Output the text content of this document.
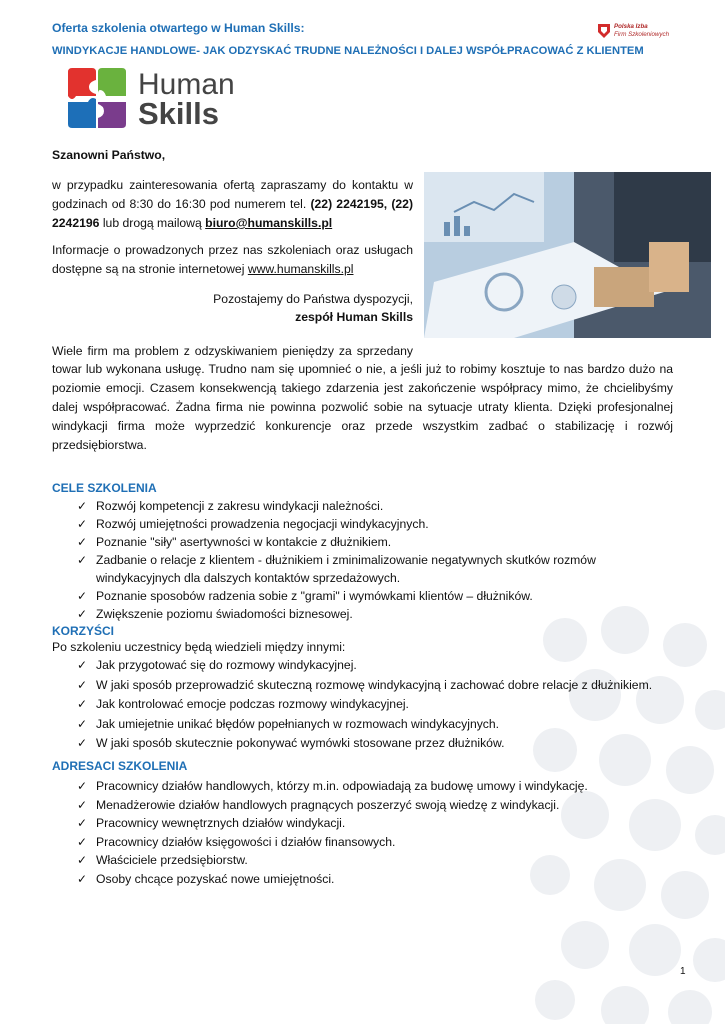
Oferta szkolenia otwartego w Human Skills:
WINDYKACJE HANDLOWE- JAK ODZYSKAĆ TRUDNE NALEŻNOŚCI I DALEJ WSPÓŁPRACOWAĆ Z KLIENTEM
Polska Izba
Firm Szkoleniowych
Human
Skills
Szanowni Państwo,
w przypadku zainteresowania ofertą zapraszamy do kontaktu w godzinach od 8:30 do 16:30 pod numerem tel. (22) 2242195, (22) 2242196 lub drogą mailową biuro@humanskills.pl
Informacje o prowadzonych przez nas szkoleniach oraz usługach dostępne są na stronie internetowej www.humanskills.pl
Pozostajemy do Państwa dyspozycji,
zespół Human Skills
Wiele firm ma problem z odzyskiwaniem pieniędzy za sprzedany
towar lub wykonana usługę. Trudno nam się upomnieć o nie, a jeśli już to robimy kosztuje to nas bardzo dużo na poziomie emocji. Czasem konsekwencją takiego zdarzenia jest zakończenie współpracy mimo, że chcielibyśmy dalej współpracować. Żadna firma nie powinna pozwolić sobie na sytuacje utraty klienta. Dzięki profesjonalnej windykacji firma może wyprzedzić konkurencje oraz przede wszystkim zadbać o stabilizację i rozwój przedsiębiorstwa.
CELE SZKOLENIA
✓ Rozwój kompetencji z zakresu windykacji należności.
✓ Rozwój umiejętności prowadzenia negocjacji windykacyjnych.
✓ Poznanie "siły" asertywności w kontakcie z dłużnikiem.
✓ Zadbanie o relacje z klientem - dłużnikiem i zminimalizowanie negatywnych skutków rozmów windykacyjnych dla dalszych kontaktów sprzedażowych.
✓ Poznanie sposobów radzenia sobie z "grami" i wymówkami klientów – dłużników.
✓ Zwiększenie poziomu świadomości biznesowej.
KORZYŚCI
Po szkoleniu uczestnicy będą wiedzieli między innymi:
✓ Jak przygotować się do rozmowy windykacyjnej.
✓ W jaki sposób przeprowadzić skuteczną rozmowę windykacyjną i zachować dobre relacje z dłużnikiem.
✓ Jak kontrolować emocje podczas rozmowy windykacyjnej.
✓ Jak umiejetnie unikać błędów popełnianych w rozmowach windykacyjnych.
✓ W jaki sposób skutecznie pokonywać wymówki stosowane przez dłużników.
ADRESACI SZKOLENIA
✓ Pracownicy działów handlowych, którzy m.in. odpowiadają za budowę umowy i windykację.
✓ Menadżerowie działów handlowych pragnących poszerzyć swoją wiedzę z windykacji.
✓ Pracownicy wewnętrznych działów windykacji.
✓ Pracownicy działów księgowości i działów finansowych.
✓ Właściciele przedsiębiorstw.
✓ Osoby chcące pozyskać nowe umiejętności.
1
